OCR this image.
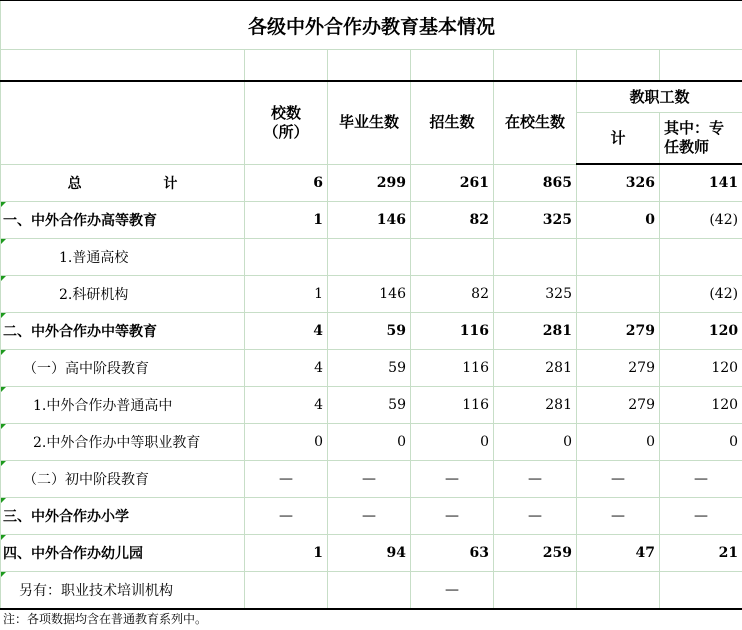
各级中外合作办教育基本情况						

	校数（所）	毕业生数	招生数	在校生数	教职工数	
					计	其中：专任教师
总 计	6	299	261	865	326	141
一、中外合作办高等教育	1	146	82	325	0	(42)
1.普通高校						
2.科研机构	1	146	82	325		(42)
二、中外合作办中等教育	4	59	116	281	279	120
（一）高中阶段教育	4	59	116	281	279	120
1.中外合作办普通高中	4	59	116	281	279	120
2.中外合作办中等职业教育	0	0	0	0	0	0
（二）初中阶段教育	—	—	—	—	—	—
三、中外合作办小学	—	—	—	—	—	—
四、中外合作办幼儿园	1	94	63	259	47	21
另有：职业技术培训机构			—			
注：各项数据均含在普通教育系列中。
